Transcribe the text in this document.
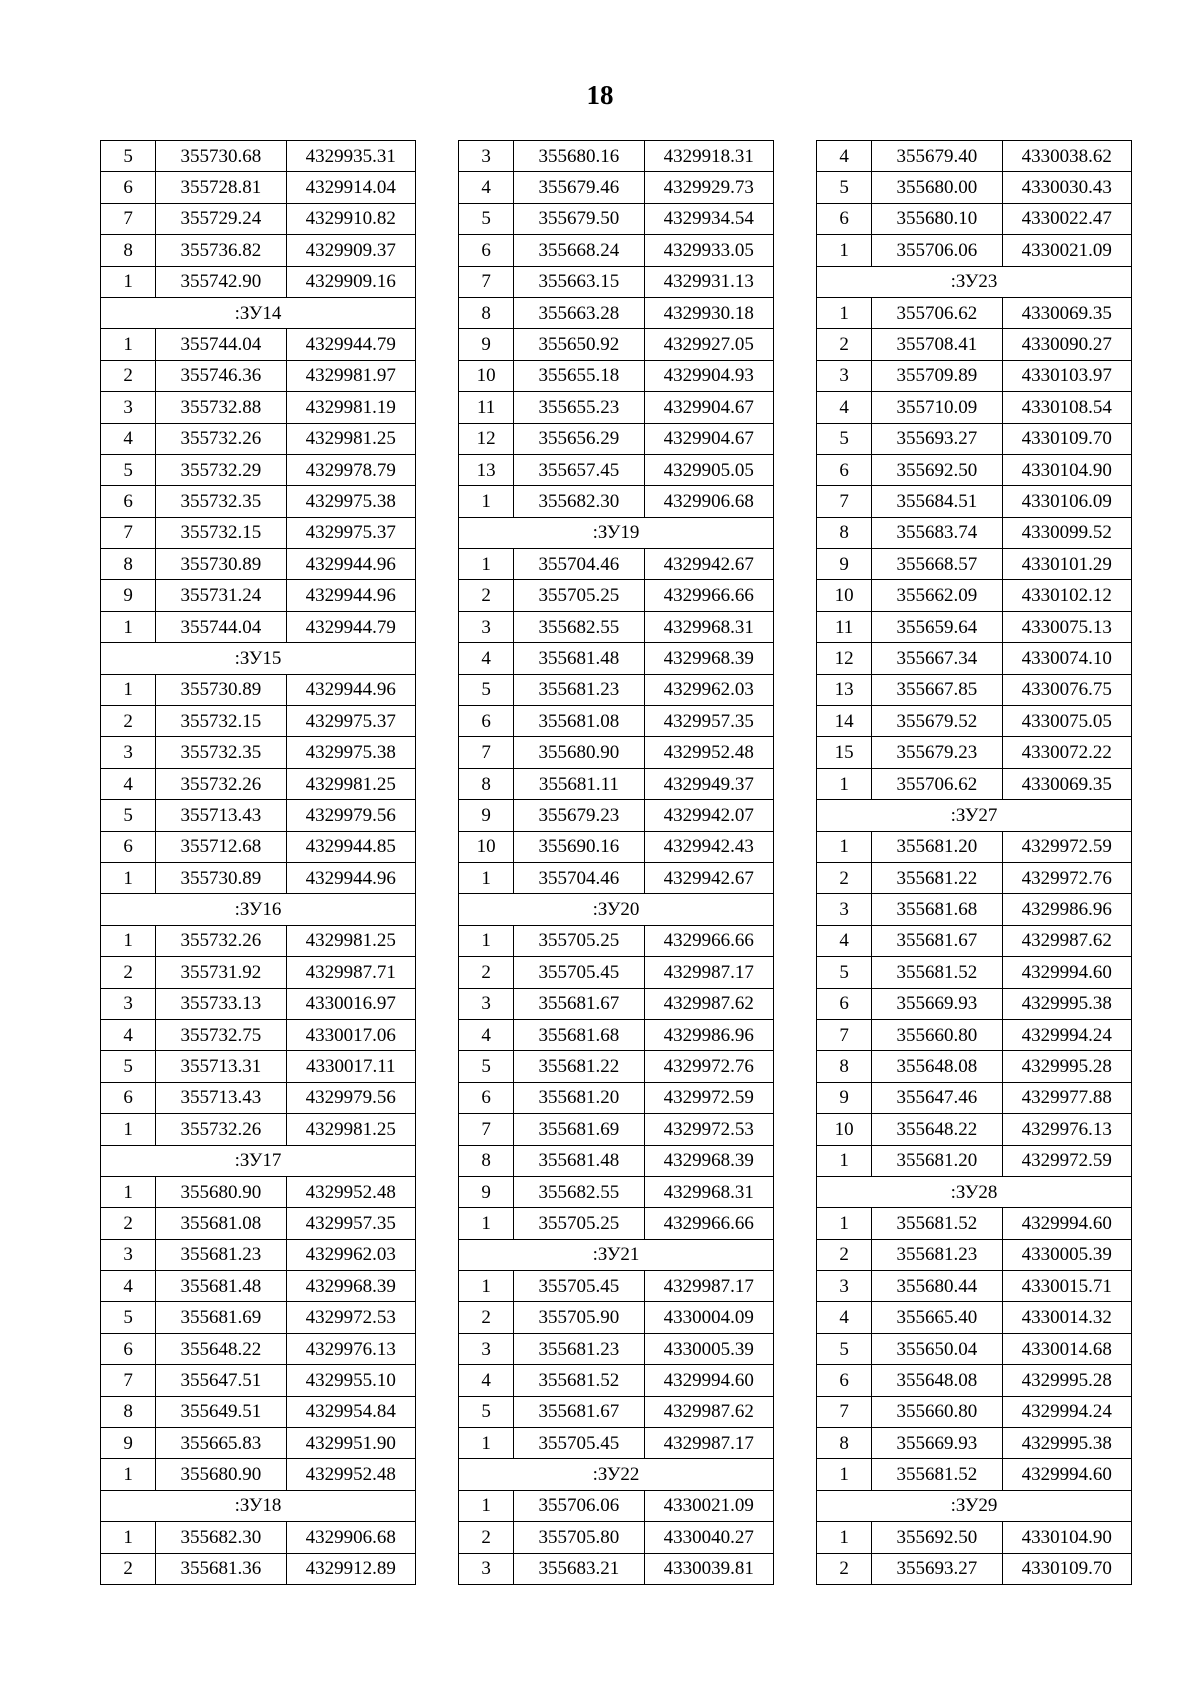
18
5	355730.68	4329935.31
6	355728.81	4329914.04
7	355729.24	4329910.82
8	355736.82	4329909.37
1	355742.90	4329909.16
:ЗУ14		
1	355744.04	4329944.79
2	355746.36	4329981.97
3	355732.88	4329981.19
4	355732.26	4329981.25
5	355732.29	4329978.79
6	355732.35	4329975.38
7	355732.15	4329975.37
8	355730.89	4329944.96
9	355731.24	4329944.96
1	355744.04	4329944.79
:ЗУ15		
1	355730.89	4329944.96
2	355732.15	4329975.37
3	355732.35	4329975.38
4	355732.26	4329981.25
5	355713.43	4329979.56
6	355712.68	4329944.85
1	355730.89	4329944.96
:ЗУ16		
1	355732.26	4329981.25
2	355731.92	4329987.71
3	355733.13	4330016.97
4	355732.75	4330017.06
5	355713.31	4330017.11
6	355713.43	4329979.56
1	355732.26	4329981.25
:ЗУ17		
1	355680.90	4329952.48
2	355681.08	4329957.35
3	355681.23	4329962.03
4	355681.48	4329968.39
5	355681.69	4329972.53
6	355648.22	4329976.13
7	355647.51	4329955.10
8	355649.51	4329954.84
9	355665.83	4329951.90
1	355680.90	4329952.48
:ЗУ18		
1	355682.30	4329906.68
2	355681.36	4329912.89
3	355680.16	4329918.31
4	355679.46	4329929.73
5	355679.50	4329934.54
6	355668.24	4329933.05
7	355663.15	4329931.13
8	355663.28	4329930.18
9	355650.92	4329927.05
10	355655.18	4329904.93
11	355655.23	4329904.67
12	355656.29	4329904.67
13	355657.45	4329905.05
1	355682.30	4329906.68
:ЗУ19		
1	355704.46	4329942.67
2	355705.25	4329966.66
3	355682.55	4329968.31
4	355681.48	4329968.39
5	355681.23	4329962.03
6	355681.08	4329957.35
7	355680.90	4329952.48
8	355681.11	4329949.37
9	355679.23	4329942.07
10	355690.16	4329942.43
1	355704.46	4329942.67
:ЗУ20		
1	355705.25	4329966.66
2	355705.45	4329987.17
3	355681.67	4329987.62
4	355681.68	4329986.96
5	355681.22	4329972.76
6	355681.20	4329972.59
7	355681.69	4329972.53
8	355681.48	4329968.39
9	355682.55	4329968.31
1	355705.25	4329966.66
:ЗУ21		
1	355705.45	4329987.17
2	355705.90	4330004.09
3	355681.23	4330005.39
4	355681.52	4329994.60
5	355681.67	4329987.62
1	355705.45	4329987.17
:ЗУ22		
1	355706.06	4330021.09
2	355705.80	4330040.27
3	355683.21	4330039.81
4	355679.40	4330038.62
5	355680.00	4330030.43
6	355680.10	4330022.47
1	355706.06	4330021.09
:ЗУ23		
1	355706.62	4330069.35
2	355708.41	4330090.27
3	355709.89	4330103.97
4	355710.09	4330108.54
5	355693.27	4330109.70
6	355692.50	4330104.90
7	355684.51	4330106.09
8	355683.74	4330099.52
9	355668.57	4330101.29
10	355662.09	4330102.12
11	355659.64	4330075.13
12	355667.34	4330074.10
13	355667.85	4330076.75
14	355679.52	4330075.05
15	355679.23	4330072.22
1	355706.62	4330069.35
:ЗУ27		
1	355681.20	4329972.59
2	355681.22	4329972.76
3	355681.68	4329986.96
4	355681.67	4329987.62
5	355681.52	4329994.60
6	355669.93	4329995.38
7	355660.80	4329994.24
8	355648.08	4329995.28
9	355647.46	4329977.88
10	355648.22	4329976.13
1	355681.20	4329972.59
:ЗУ28		
1	355681.52	4329994.60
2	355681.23	4330005.39
3	355680.44	4330015.71
4	355665.40	4330014.32
5	355650.04	4330014.68
6	355648.08	4329995.28
7	355660.80	4329994.24
8	355669.93	4329995.38
1	355681.52	4329994.60
:ЗУ29		
1	355692.50	4330104.90
2	355693.27	4330109.70
